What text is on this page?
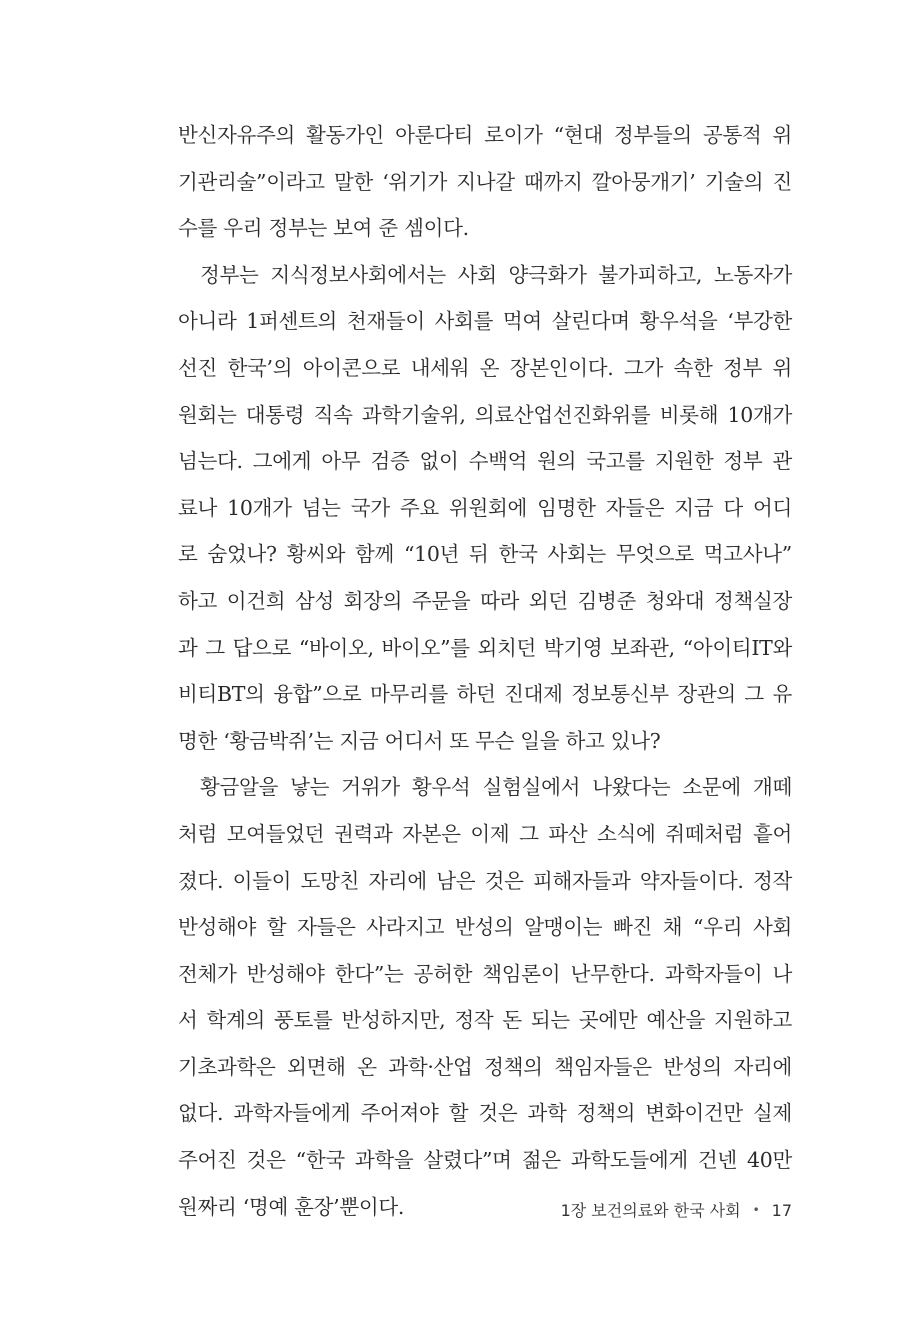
반신자유주의 활동가인 아룬다티 로이가 “현대 정부들의 공통적 위
기관리술”이라고 말한 ‘위기가 지나갈 때까지 깔아뭉개기’ 기술의 진
수를 우리 정부는 보여 준 셈이다.
정부는 지식정보사회에서는 사회 양극화가 불가피하고, 노동자가
아니라 1퍼센트의 천재들이 사회를 먹여 살린다며 황우석을 ‘부강한
선진 한국’의 아이콘으로 내세워 온 장본인이다. 그가 속한 정부 위
원회는 대통령 직속 과학기술위, 의료산업선진화위를 비롯해 10개가
넘는다. 그에게 아무 검증 없이 수백억 원의 국고를 지원한 정부 관
료나 10개가 넘는 국가 주요 위원회에 임명한 자들은 지금 다 어디
로 숨었나? 황씨와 함께 “10년 뒤 한국 사회는 무엇으로 먹고사나”
하고 이건희 삼성 회장의 주문을 따라 외던 김병준 청와대 정책실장
과 그 답으로 “바이오, 바이오”를 외치던 박기영 보좌관, “아이티IT와
비티BT의 융합”으로 마무리를 하던 진대제 정보통신부 장관의 그 유
명한 ‘황금박쥐’는 지금 어디서 또 무슨 일을 하고 있나?
황금알을 낳는 거위가 황우석 실험실에서 나왔다는 소문에 개떼
처럼 모여들었던 권력과 자본은 이제 그 파산 소식에 쥐떼처럼 흩어
졌다. 이들이 도망친 자리에 남은 것은 피해자들과 약자들이다. 정작
반성해야 할 자들은 사라지고 반성의 알맹이는 빠진 채 “우리 사회
전체가 반성해야 한다”는 공허한 책임론이 난무한다. 과학자들이 나
서 학계의 풍토를 반성하지만, 정작 돈 되는 곳에만 예산을 지원하고
기초과학은 외면해 온 과학·산업 정책의 책임자들은 반성의 자리에
없다. 과학자들에게 주어져야 할 것은 과학 정책의 변화이건만 실제
주어진 것은 “한국 과학을 살렸다”며 젊은 과학도들에게 건넨 40만
원짜리 ‘명예 훈장’뿐이다.	1장 보건의료와 한국 사회 • 17
